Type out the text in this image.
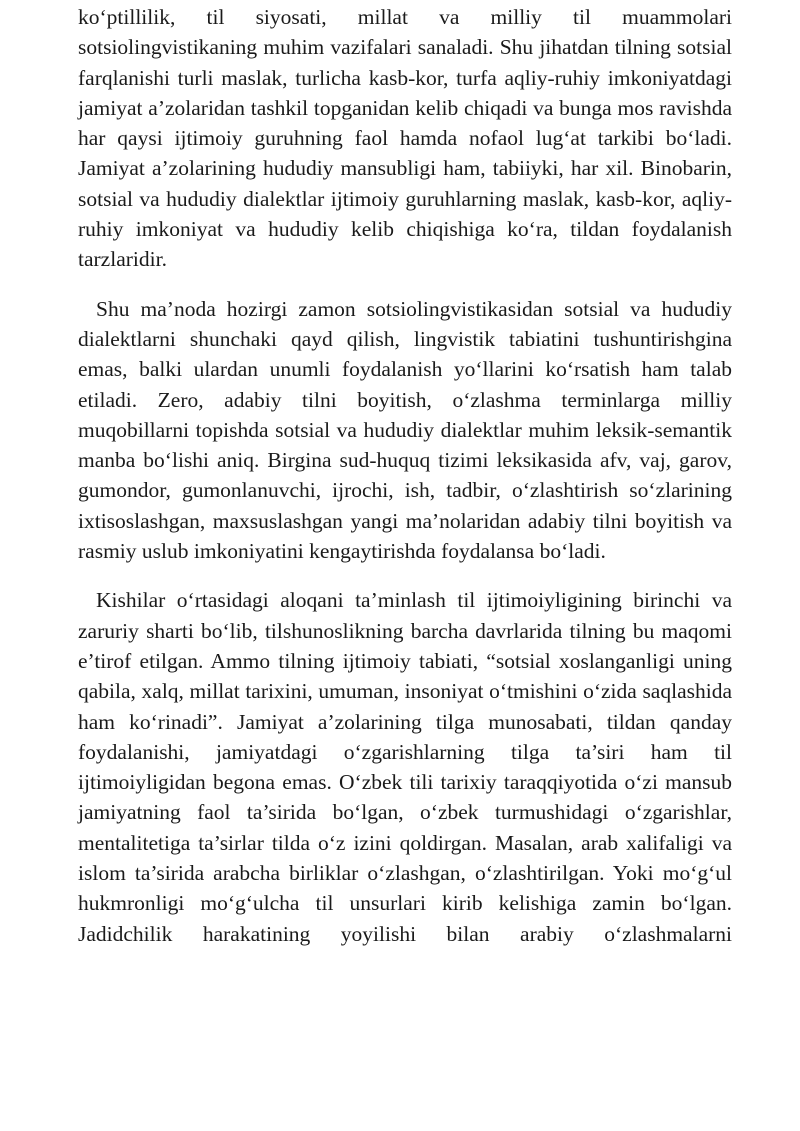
ko‘ptillilik, til siyosati, millat va milliy til muammolari sotsiolingvistikaning muhim vazifalari sanaladi. Shu jihatdan tilning sotsial farqlanishi turli maslak, turlicha kasb-kor, turfa aqliy-ruhiy imkoniyatdagi jamiyat a’zolaridan tashkil topganidan kelib chiqadi va bunga mos ravishda har qaysi ijtimoiy guruhning faol hamda nofaol lug‘at tarkibi bo‘ladi. Jamiyat a’zolarining hududiy mansubligi ham, tabiiyki, har xil. Binobarin, sotsial va hududiy dialektlar ijtimoiy guruhlarning maslak, kasb-kor, aqliy-ruhiy imkoniyat va hududiy kelib chiqishiga ko‘ra, tildan foydalanish tarzlaridir.

Shu ma’noda hozirgi zamon sotsiolingvistikasidan sotsial va hududiy dialektlarni shunchaki qayd qilish, lingvistik tabiatini tushuntirishgina emas, balki ulardan unumli foydalanish yo‘llarini ko‘rsatish ham talab etiladi. Zero, adabiy tilni boyitish, o‘zlashma terminlarga milliy muqobillarni topishda sotsial va hududiy dialektlar muhim leksik-semantik manba bo‘lishi aniq. Birgina sud-huquq tizimi leksikasida afv, vaj, garov, gumondor, gumonlanuvchi, ijrochi, ish, tadbir, o‘zlashtirish so‘zlarining ixtisoslashgan, maxsuslashgan yangi ma’nolaridan adabiy tilni boyitish va rasmiy uslub imkoniyatini kengaytirishda foydalansa bo‘ladi.

Kishilar o‘rtasidagi aloqani ta’minlash til ijtimoiyligining birinchi va zaruriy sharti bo‘lib, tilshunoslikning barcha davrlarida tilning bu maqomi e’tirof etilgan. Ammo tilning ijtimoiy tabiati, “sotsial xoslanganligi uning qabila, xalq, millat tarixini, umuman, insoniyat o‘tmishini o‘zida saqlashida ham ko‘rinadi”. Jamiyat a’zolarining tilga munosabati, tildan qanday foydalanishi, jamiyatdagi o‘zgarishlarning tilga ta’siri ham til ijtimoiyligidan begona emas. O‘zbek tili tarixiy taraqqiyotida o‘zi mansub jamiyatning faol ta’sirida bo‘lgan, o‘zbek turmushidagi o‘zgarishlar, mentalitetiga ta’sirlar tilda o‘z izini qoldirgan. Masalan, arab xalifaligi va islom ta’sirida arabcha birliklar o‘zlashgan, o‘zlashtirilgan. Yoki mo‘g‘ul hukmronligi mo‘g‘ulcha til unsurlari kirib kelishiga zamin bo‘lgan. Jadidchilik harakatining yoyilishi bilan arabiy o‘zlashmalarni
